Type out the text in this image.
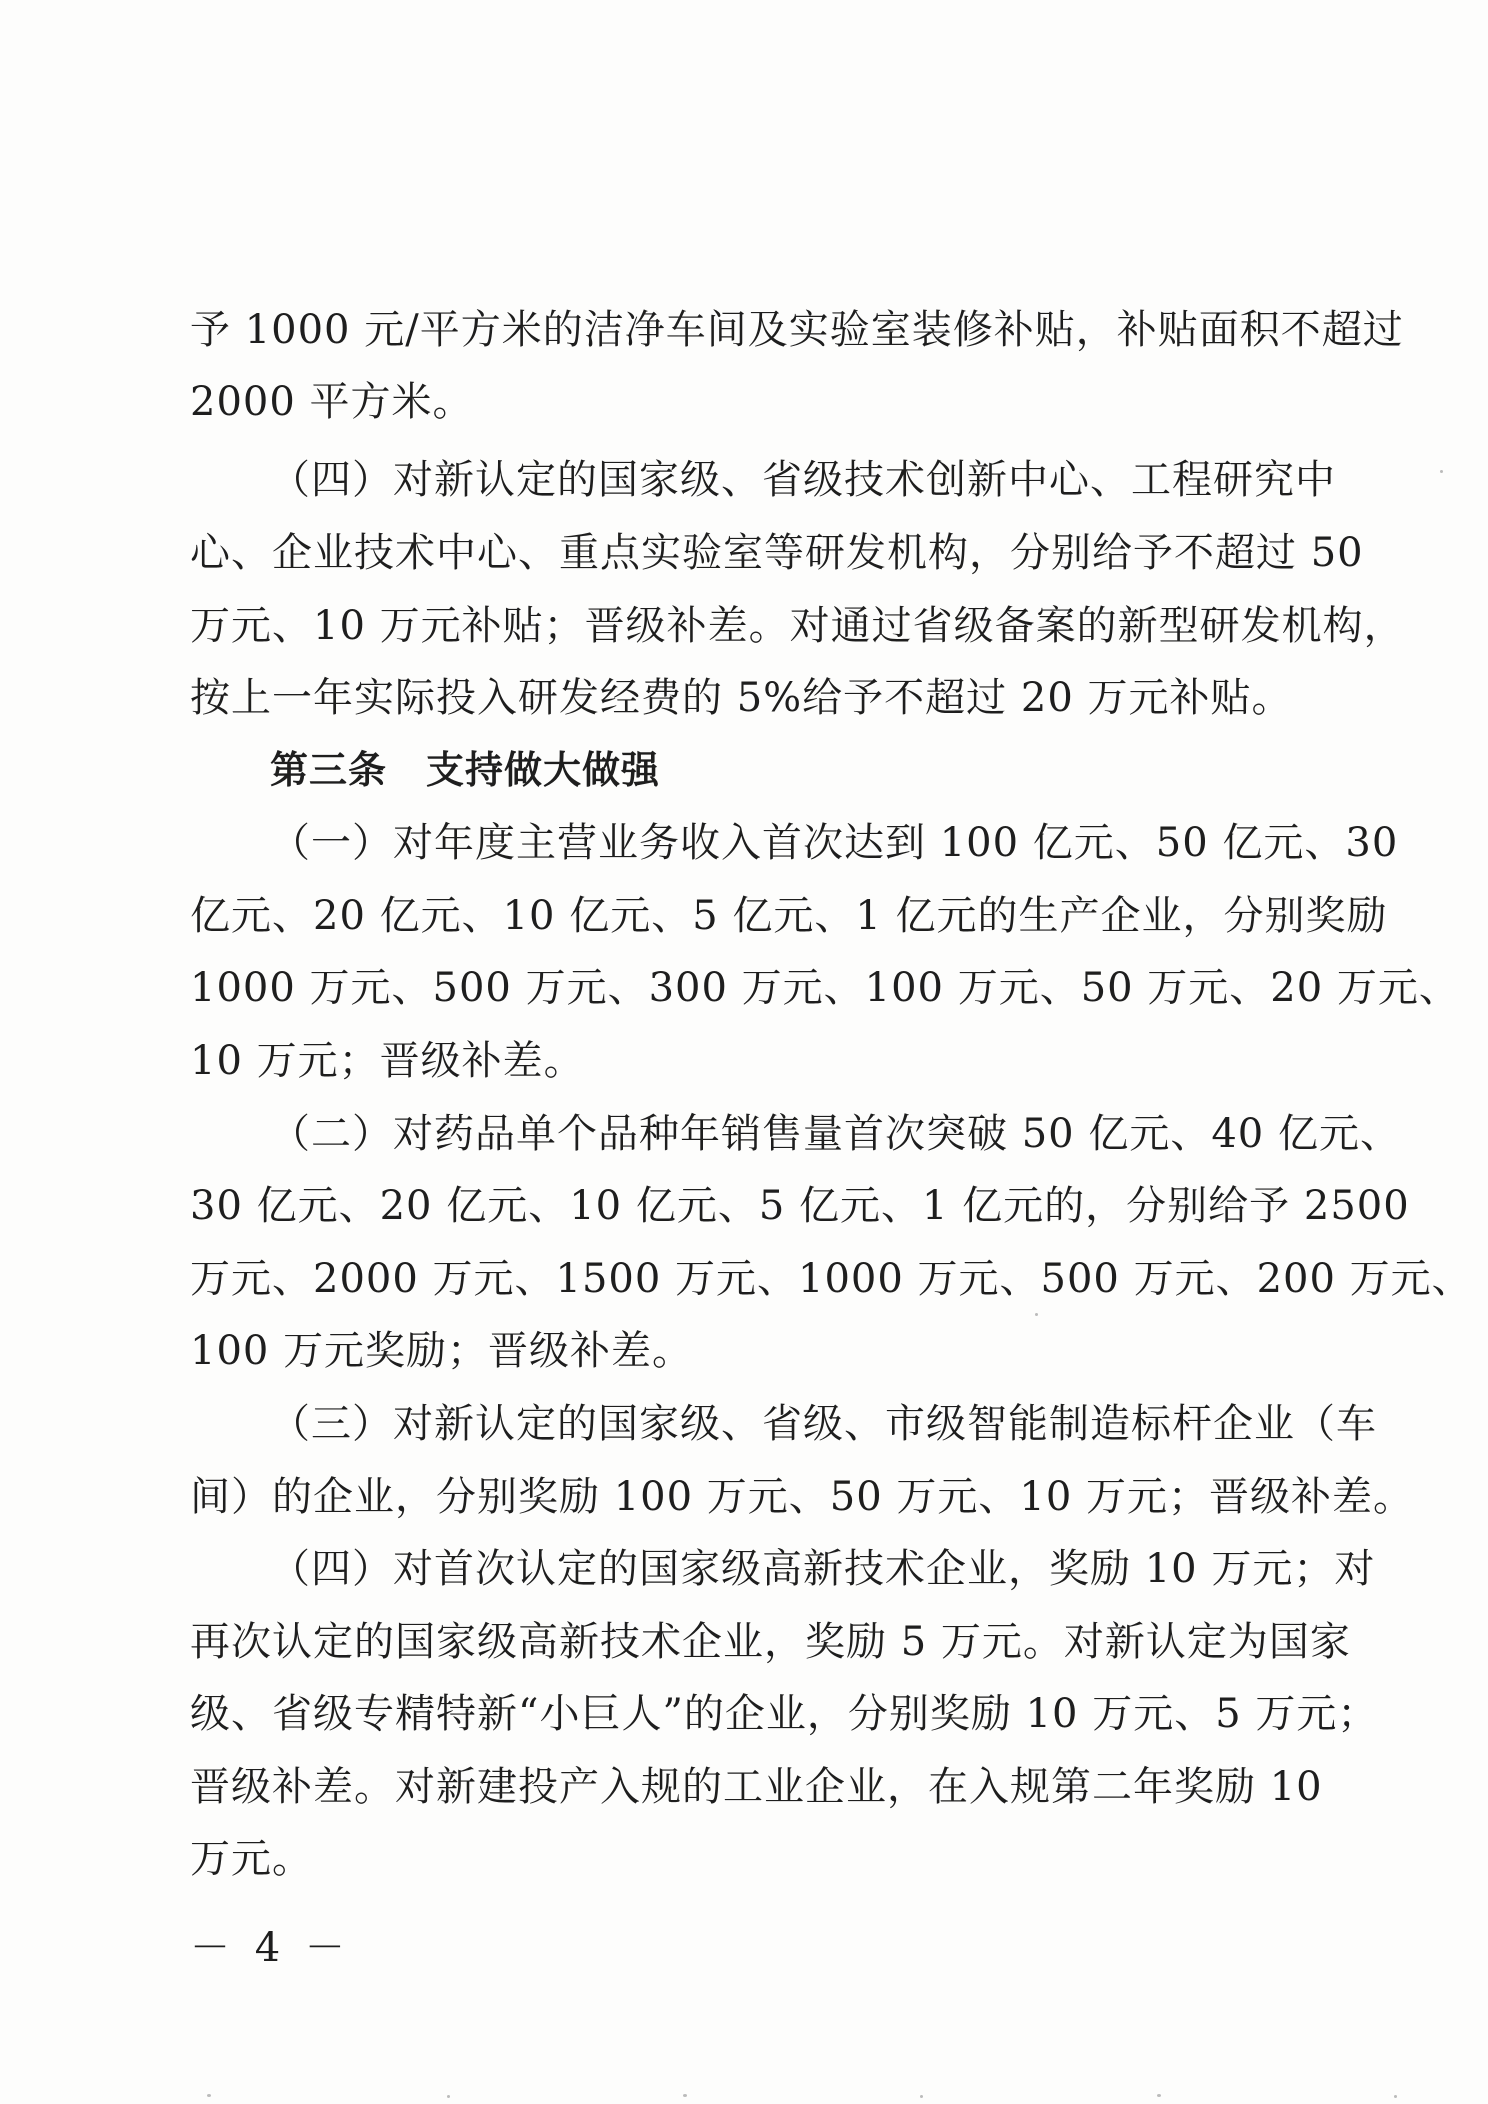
予 1000 元/平方米的洁净车间及实验室装修补贴，补贴面积不超过
2000 平方米。
（四）对新认定的国家级、省级技术创新中心、工程研究中
心、企业技术中心、重点实验室等研发机构，分别给予不超过 50
万元、10 万元补贴；晋级补差。对通过省级备案的新型研发机构，
按上一年实际投入研发经费的 5%给予不超过 20 万元补贴。
第三条　支持做大做强
（一）对年度主营业务收入首次达到 100 亿元、50 亿元、30
亿元、20 亿元、10 亿元、5 亿元、1 亿元的生产企业，分别奖励
1000 万元、500 万元、300 万元、100 万元、50 万元、20 万元、
10 万元；晋级补差。
（二）对药品单个品种年销售量首次突破 50 亿元、40 亿元、
30 亿元、20 亿元、10 亿元、5 亿元、1 亿元的，分别给予 2500
万元、2000 万元、1500 万元、1000 万元、500 万元、200 万元、
100 万元奖励；晋级补差。
（三）对新认定的国家级、省级、市级智能制造标杆企业（车
间）的企业，分别奖励 100 万元、50 万元、10 万元；晋级补差。
（四）对首次认定的国家级高新技术企业，奖励 10 万元；对
再次认定的国家级高新技术企业，奖励 5 万元。对新认定为国家
级、省级专精特新“小巨人”的企业，分别奖励 10 万元、5 万元；
晋级补差。对新建投产入规的工业企业，在入规第二年奖励 10
万元。
－ 4 －
